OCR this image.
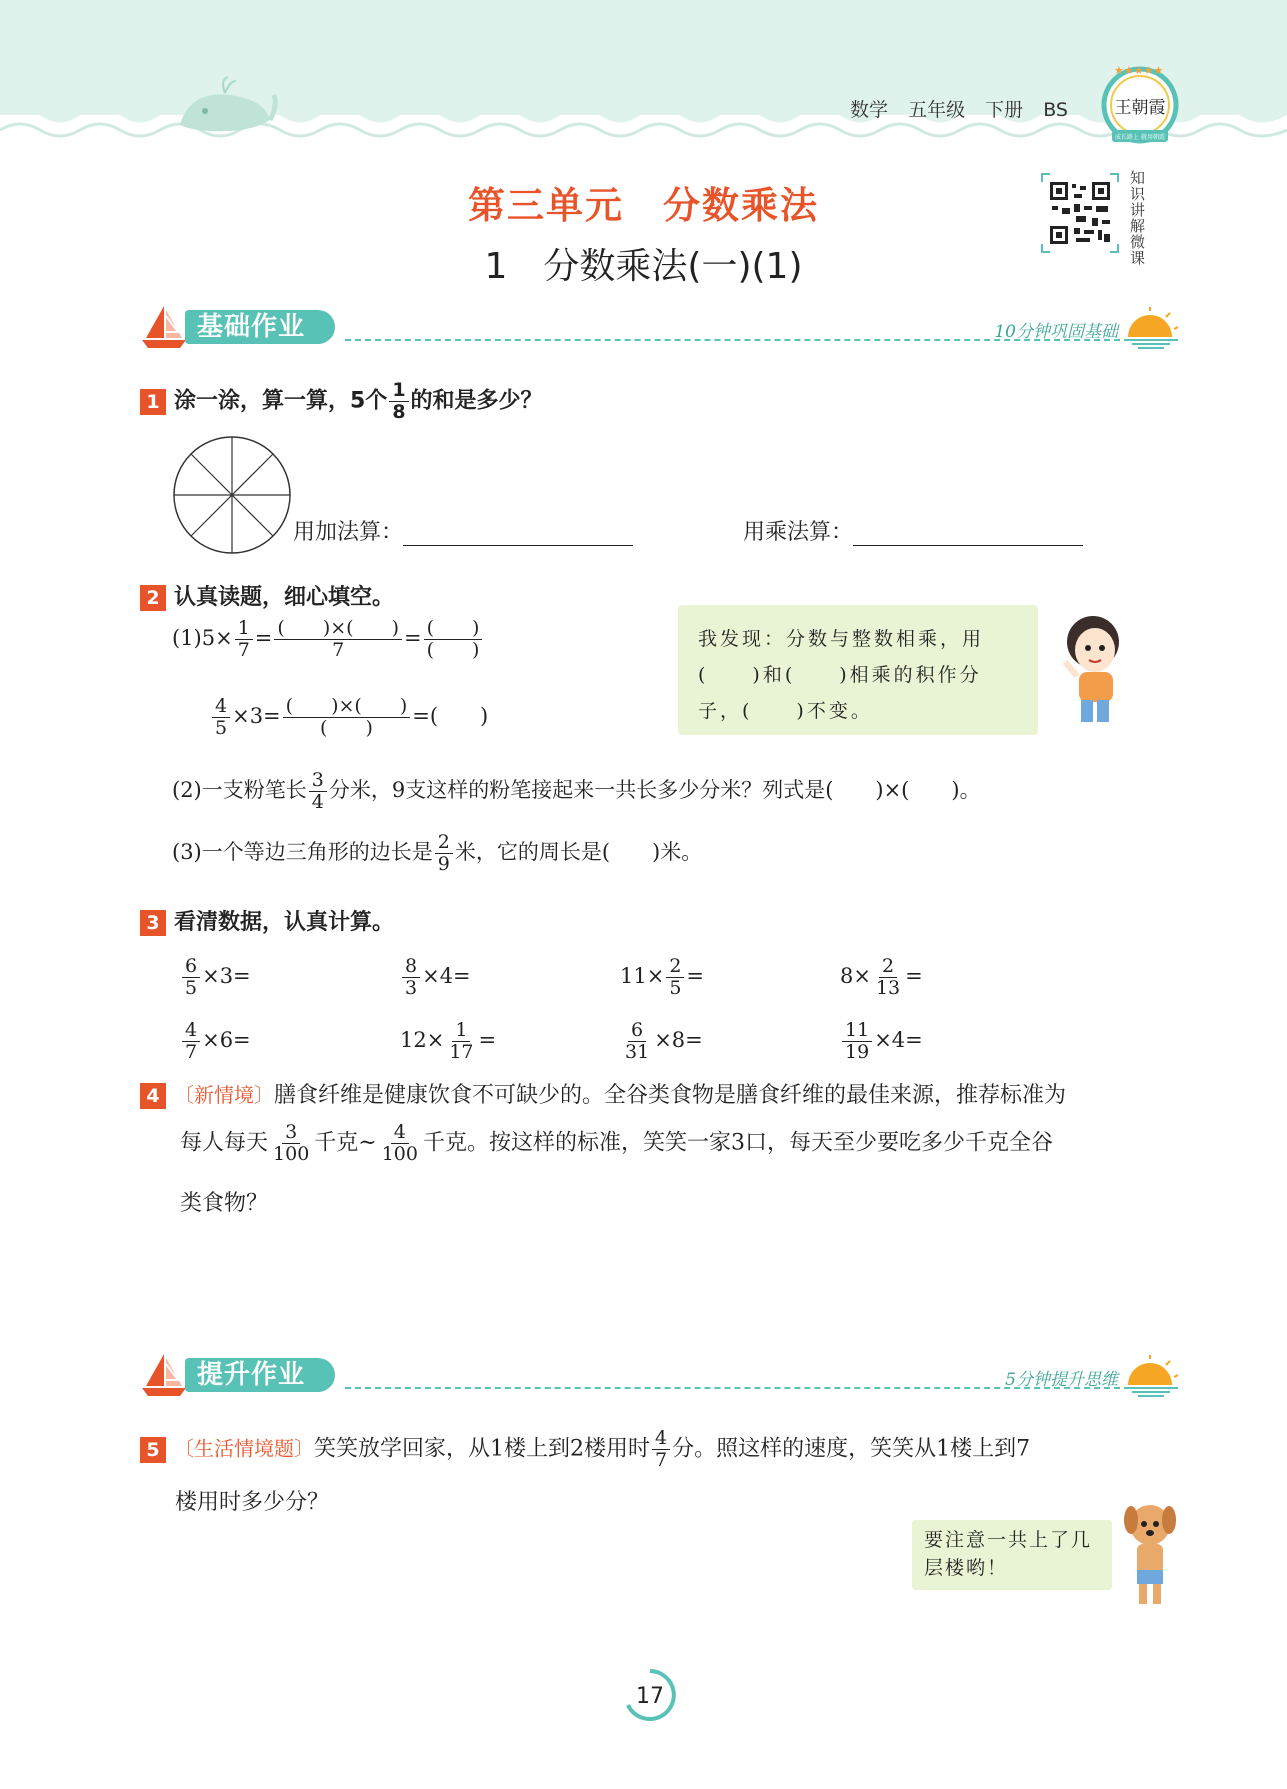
数学 五年级 下册 BS
★★★★★
王朝霞
成长路上 就用朝霞
第三单元　分数乘法
1　分数乘法(一)(1)
知识讲解微课
基础作业	10分钟巩固基础
1 涂一涂，算一算，5个 $\frac{1}{8}$ 的和是多少？
用加法算：	用乘法算：
2 认真读题，细心填空。
$(1)5\times \frac{1}{7} = \frac{( )\times( )}{7} = \frac{( )}{( )}$
$\frac{4}{5} \times 3= \frac{( )\times( )}{( )}$ =(　　)
我发现：分数与整数相乘，用(　　)和(　　)相乘的积作分子，(　　)不变。
(2)一支粉笔长 $\frac{3}{4}$ 分米，9支这样的粉笔接起来一共长多少分米？列式是(　　)×(　　)。
(3)一个等边三角形的边长是 $\frac{2}{9}$ 米，它的周长是(　　)米。
3 看清数据，认真计算。
$\frac{6}{5} \times 3=$	$\frac{8}{3} \times 4=$	$11\times \frac{2}{5}$ =	$8\times \frac{2}{13}$ =
$\frac{4}{7} \times 6=$	$12\times \frac{1}{17}$ =	$\frac{6}{31} \times 8=$	$\frac{11}{19} \times 4=$
4 〔新情境〕膳食纤维是健康饮食不可缺少的。全谷类食物是膳食纤维的最佳来源，推荐标准为
每人每天 $\frac{3}{100}$ 千克~ $\frac{4}{100}$ 千克。按这样的标准，笑笑一家3口，每天至少要吃多少千克全谷
类食物？
提升作业	5分钟提升思维
5 〔生活情境题〕笑笑放学回家，从1楼上到2楼用时 $\frac{4}{7}$ 分。照这样的速度，笑笑从1楼上到7
楼用时多少分？
要注意一共上了几层楼哟！
17
